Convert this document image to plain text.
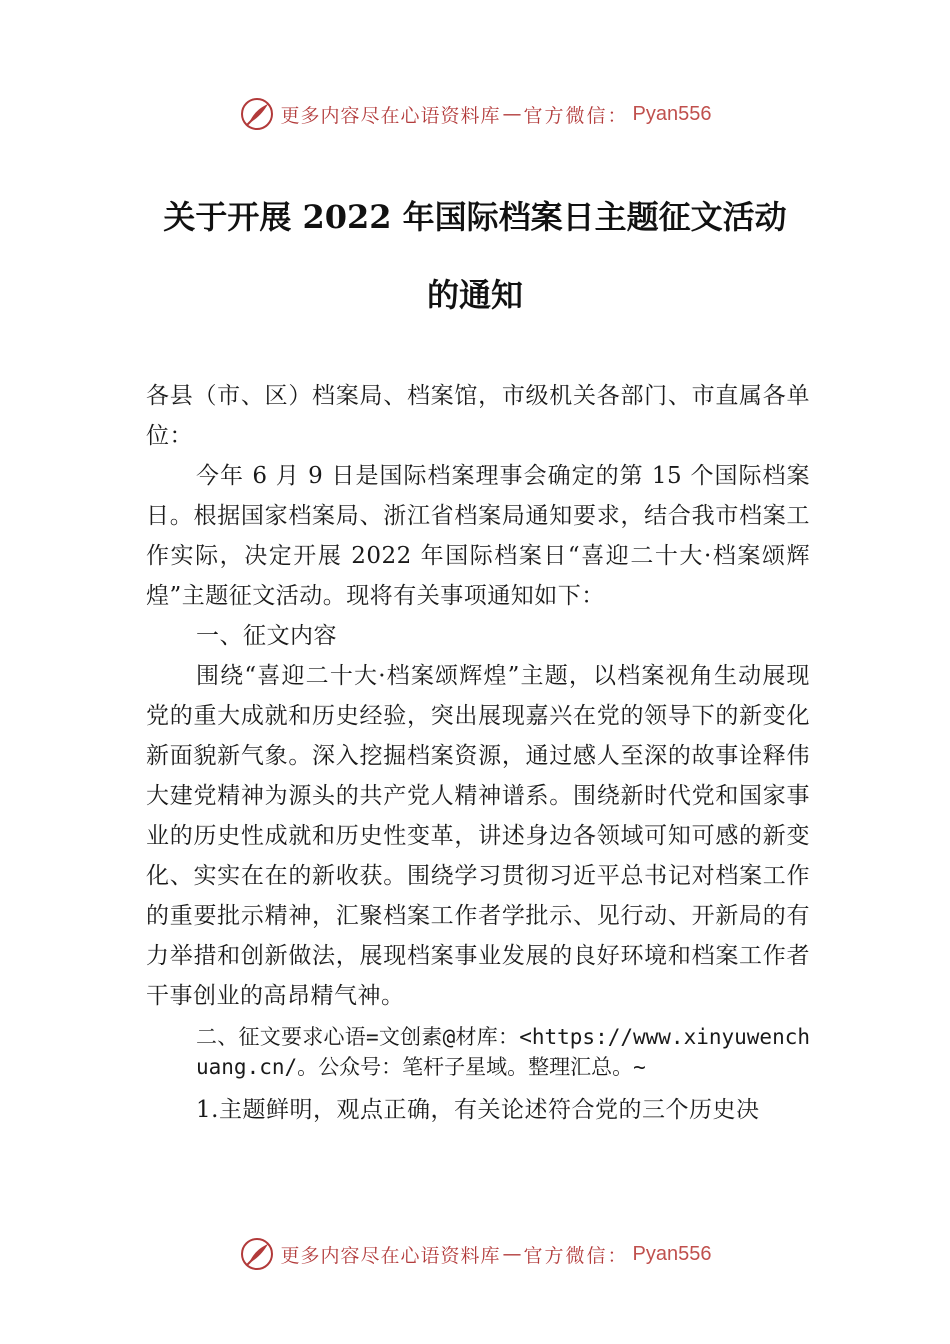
更多内容尽在心语资料库 — 官方微信： Pyan556
关于开展 2022 年国际档案日主题征文活动
的通知

各县（市、区）档案局、档案馆，市级机关各部门、市直属各单位：

今年 6 月 9 日是国际档案理事会确定的第 15 个国际档案日。根据国家档案局、浙江省档案局通知要求，结合我市档案工作实际，决定开展 2022 年国际档案日“喜迎二十大·档案颂辉煌”主题征文活动。现将有关事项通知如下：

一、征文内容

围绕“喜迎二十大·档案颂辉煌”主题，以档案视角生动展现党的重大成就和历史经验，突出展现嘉兴在党的领导下的新变化新面貌新气象。深入挖掘档案资源，通过感人至深的故事诠释伟大建党精神为源头的共产党人精神谱系。围绕新时代党和国家事业的历史性成就和历史性变革，讲述身边各领域可知可感的新变化、实实在在的新收获。围绕学习贯彻习近平总书记对档案工作的重要批示精神，汇聚档案工作者学批示、见行动、开新局的有力举措和创新做法，展现档案事业发展的良好环境和档案工作者干事创业的高昂精气神。

二、征文要求心语=文创素@材库：<https://www.xinyuwenchuang.cn/。公众号：笔杆子星域。整理汇总。~

1.主题鲜明，观点正确，有关论述符合党的三个历史决

更多内容尽在心语资料库 — 官方微信： Pyan556
